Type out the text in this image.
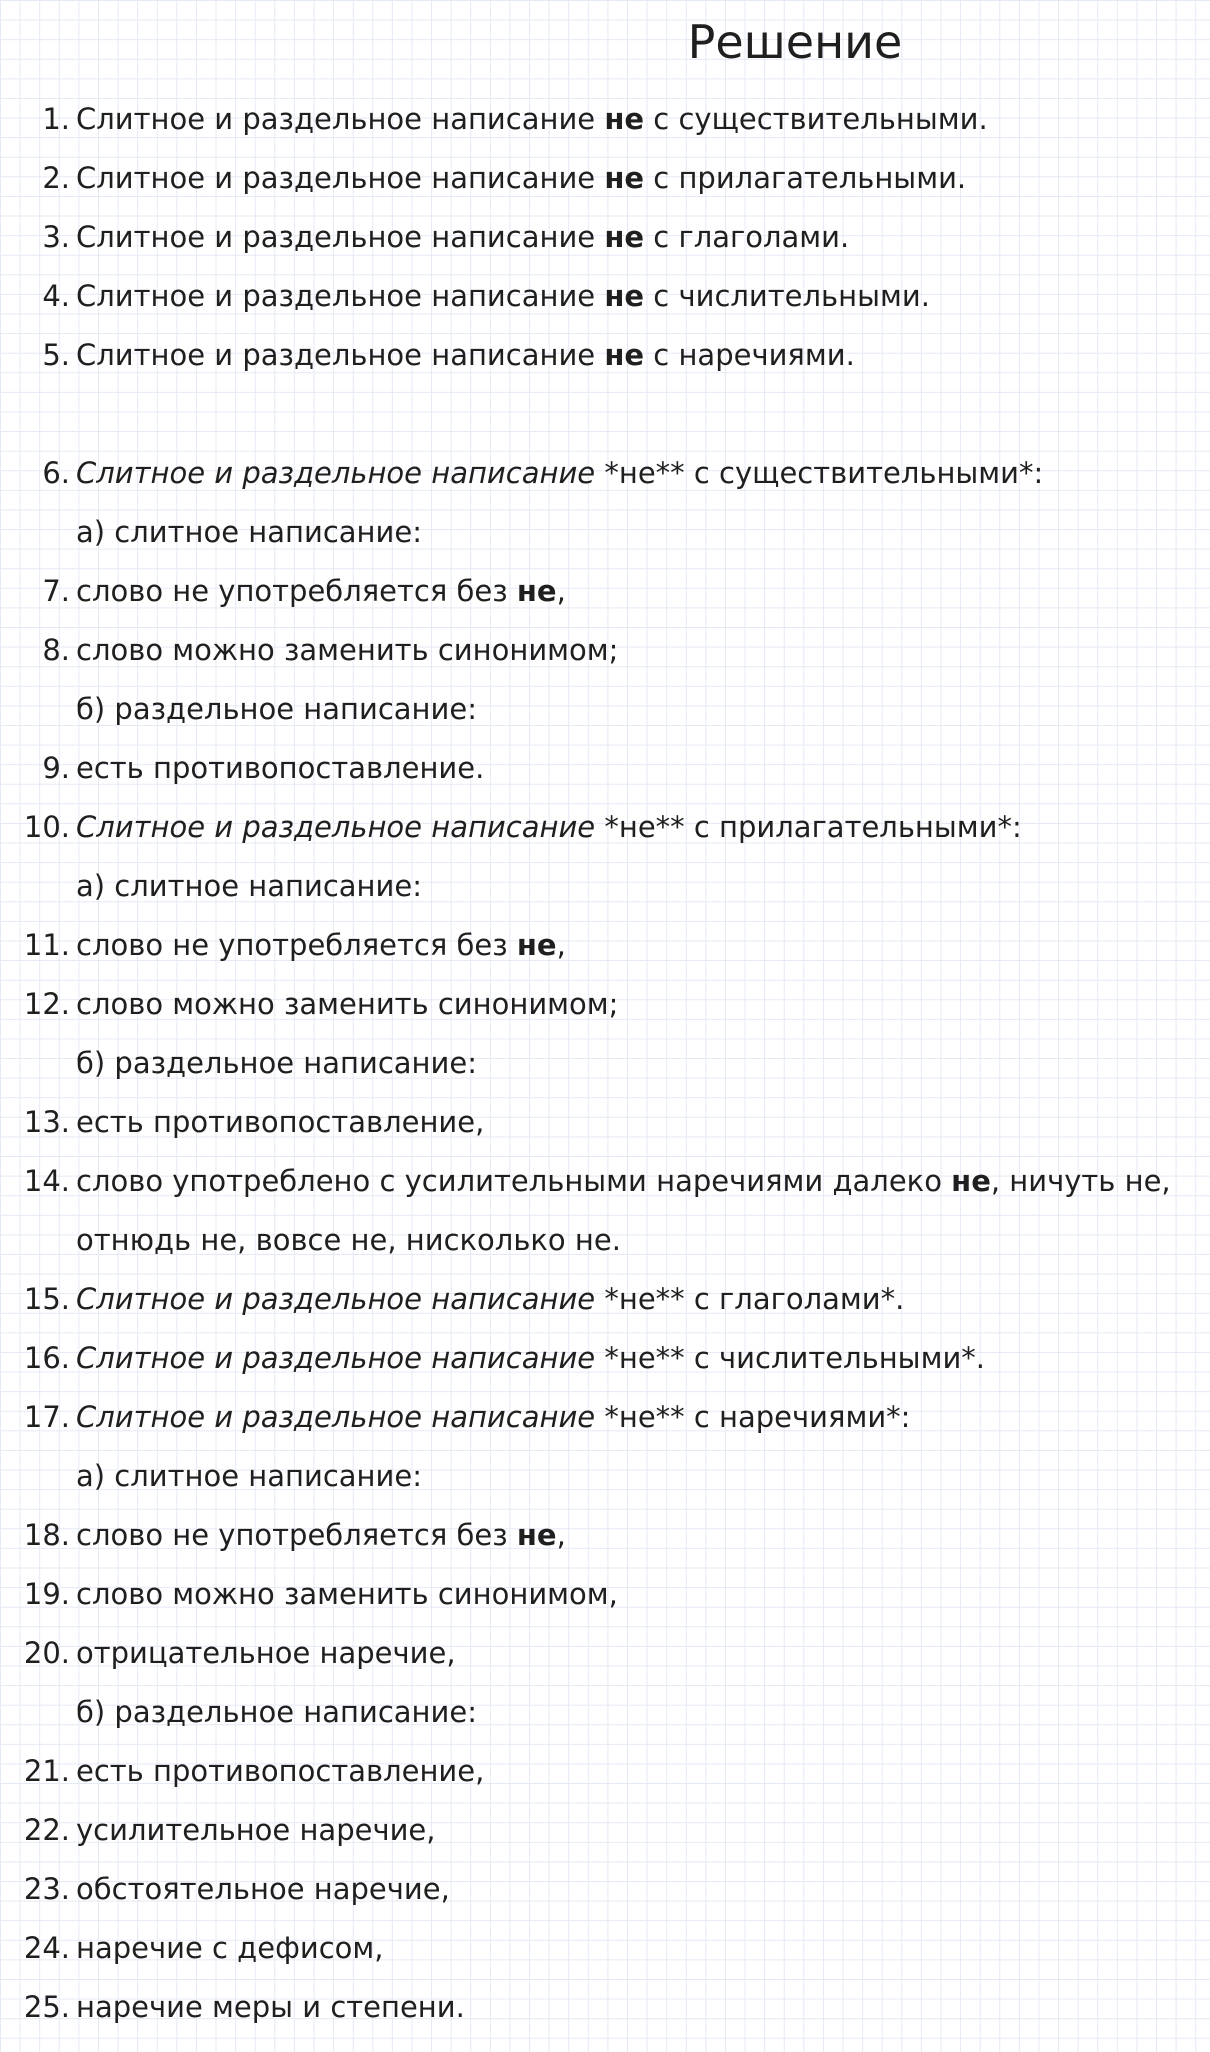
Решение
1. Слитное и раздельное написание не с существительными.
2. Слитное и раздельное написание не с прилагательными.
3. Слитное и раздельное написание не с глаголами.
4. Слитное и раздельное написание не с числительными.
5. Слитное и раздельное написание не с наречиями.
6. Слитное и раздельное написание *не** с существительными*:
а) слитное написание:
7. слово не употребляется без не,
8. слово можно заменить синонимом;
б) раздельное написание:
9. есть противопоставление.
10. Слитное и раздельное написание *не** с прилагательными*:
а) слитное написание:
11. слово не употребляется без не,
12. слово можно заменить синонимом;
б) раздельное написание:
13. есть противопоставление,
14. слово употреблено с усилительными наречиями далеко не, ничуть не,
отнюдь не, вовсе не, нисколько не.
15. Слитное и раздельное написание *не** с глаголами*.
16. Слитное и раздельное написание *не** с числительными*.
17. Слитное и раздельное написание *не** с наречиями*:
а) слитное написание:
18. слово не употребляется без не,
19. слово можно заменить синонимом,
20. отрицательное наречие,
б) раздельное написание:
21. есть противопоставление,
22. усилительное наречие,
23. обстоятельное наречие,
24. наречие с дефисом,
25. наречие меры и степени.
